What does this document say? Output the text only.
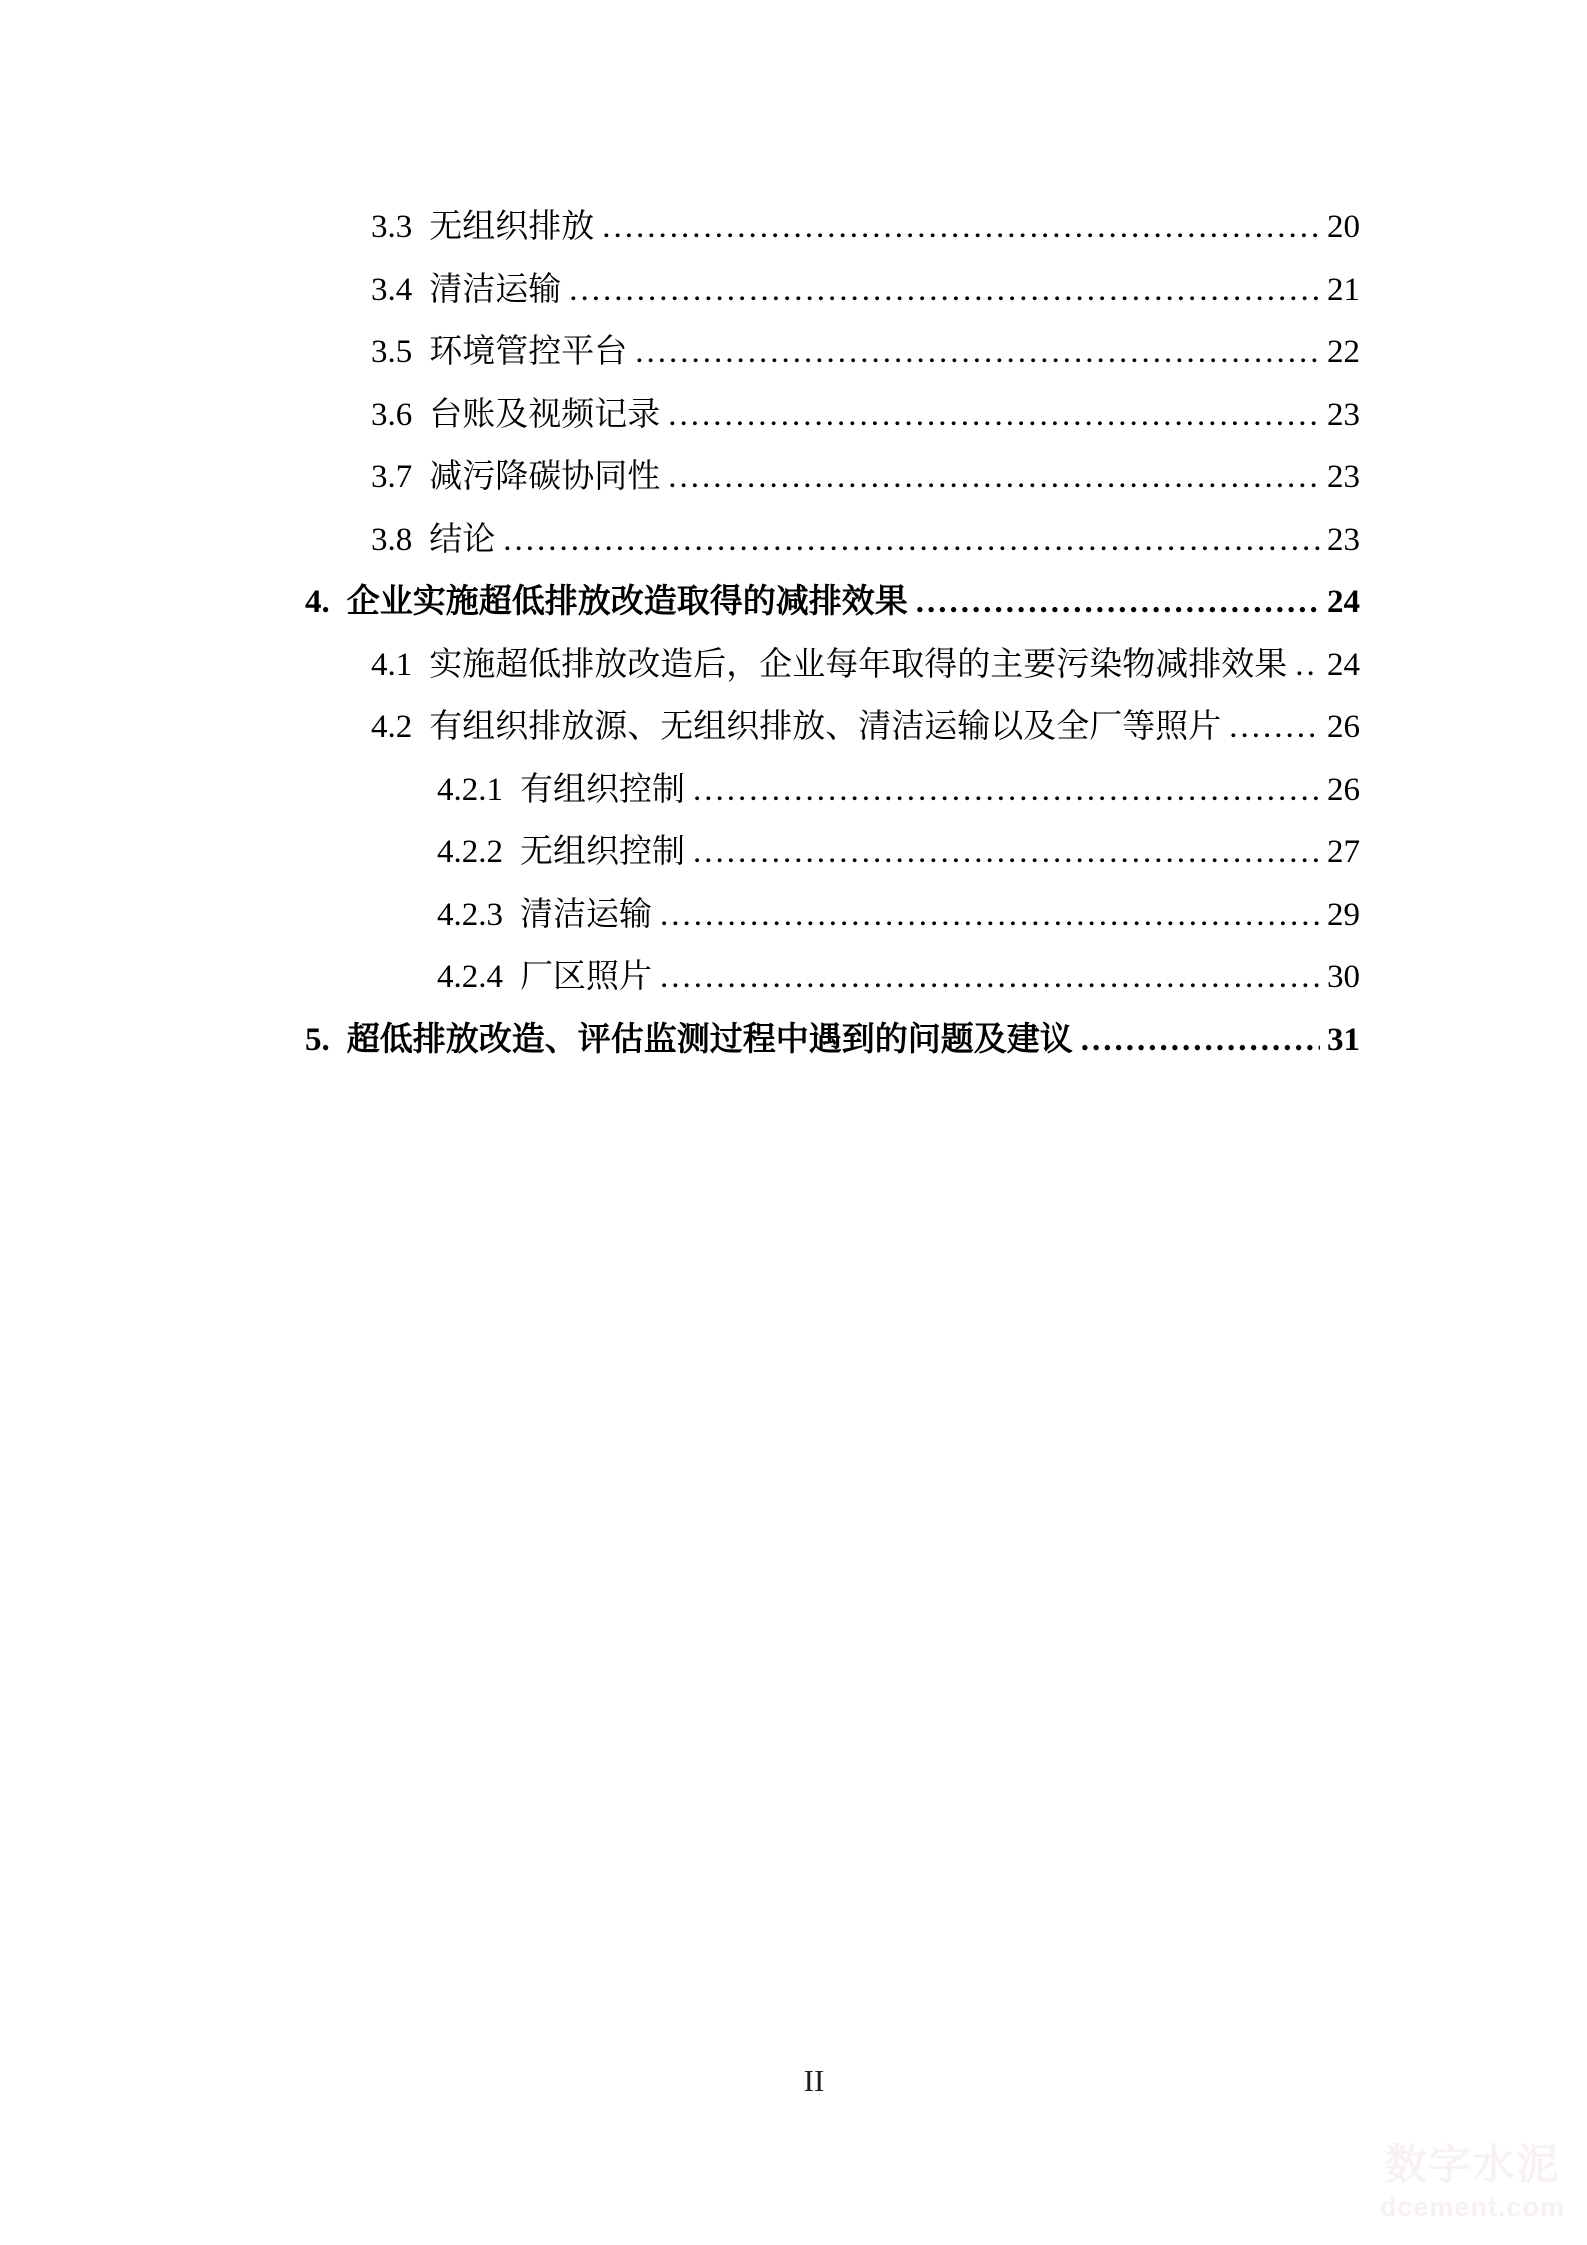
3.3 无组织排放 .....	20
3.4 清洁运输 .....	21
3.5 环境管控平台 .....	22
3.6 台账及视频记录 .....	23
3.7 减污降碳协同性 .....	23
3.8 结论 .....	23
4. 企业实施超低排放改造取得的减排效果 .....	24
4.1 实施超低排放改造后，企业每年取得的主要污染物减排效果 ..... 24
4.2 有组织排放源、无组织排放、清洁运输以及全厂等照片 .....	26
4.2.1 有组织控制 .....	26
4.2.2 无组织控制 .....	27
4.2.3 清洁运输 .....	29
4.2.4 厂区照片 .....	30
5. 超低排放改造、评估监测过程中遇到的问题及建议 .....	31
II
数字水泥
dcement.com
